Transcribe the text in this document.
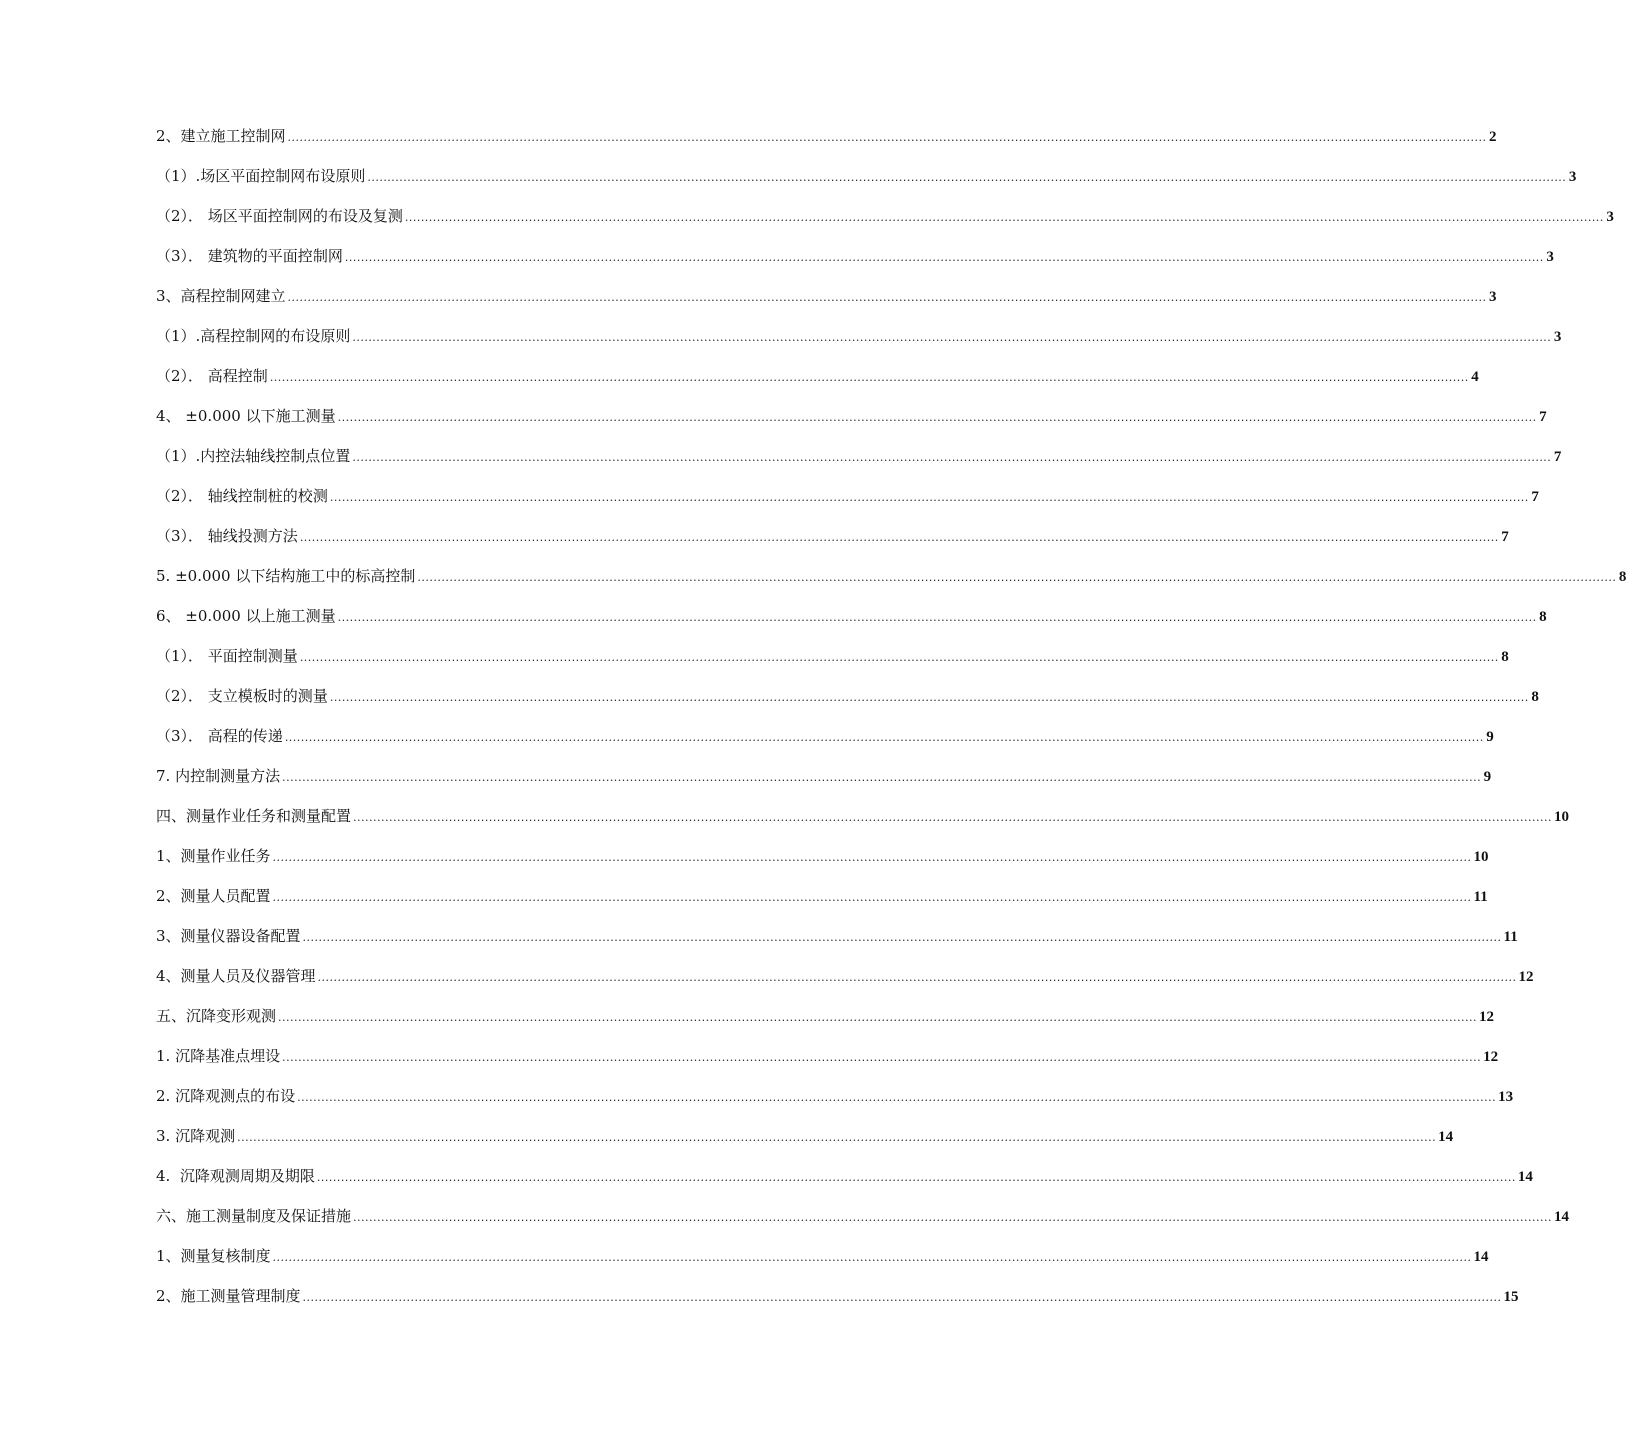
2、建立施工控制网 ............................................................................................................................................................................................................................................................................................................ 2
（1）.场区平面控制网布设原则 ............................................................................................................................................................................................................................................................................................................ 3
（2）． 场区平面控制网的布设及复测 ............................................................................................................................................................................................................................................................................................................ 3
（3）． 建筑物的平面控制网 ............................................................................................................................................................................................................................................................................................................ 3
3、高程控制网建立 ............................................................................................................................................................................................................................................................................................................ 3
（1）.高程控制网的布设原则 ............................................................................................................................................................................................................................................................................................................ 3
（2）． 高程控制 ............................................................................................................................................................................................................................................................................................................ 4
4、 ±0.000 以下施工测量 ............................................................................................................................................................................................................................................................................................................ 7
（1）.内控法轴线控制点位置 ............................................................................................................................................................................................................................................................................................................ 7
（2）． 轴线控制桩的校测 ............................................................................................................................................................................................................................................................................................................ 7
（3）． 轴线投测方法 ............................................................................................................................................................................................................................................................................................................ 7
5. ±0.000 以下结构施工中的标高控制 ............................................................................................................................................................................................................................................................................................................ 8
6、 ±0.000 以上施工测量 ............................................................................................................................................................................................................................................................................................................ 8
（1）． 平面控制测量 ............................................................................................................................................................................................................................................................................................................ 8
（2）． 支立模板时的测量 ............................................................................................................................................................................................................................................................................................................ 8
（3）． 高程的传递 ............................................................................................................................................................................................................................................................................................................ 9
7. 内控制测量方法 ............................................................................................................................................................................................................................................................................................................ 9
四、测量作业任务和测量配置 ............................................................................................................................................................................................................................................................................................................ 10
1、测量作业任务 ............................................................................................................................................................................................................................................................................................................ 10
2、测量人员配置 ............................................................................................................................................................................................................................................................................................................ 11
3、测量仪器设备配置 ............................................................................................................................................................................................................................................................................................................ 11
4、测量人员及仪器管理 ............................................................................................................................................................................................................................................................................................................ 12
五、沉降变形观测 ............................................................................................................................................................................................................................................................................................................ 12
1. 沉降基准点埋设 ............................................................................................................................................................................................................................................................................................................ 12
2. 沉降观测点的布设 ............................................................................................................................................................................................................................................................................................................ 13
3. 沉降观测 ............................................................................................................................................................................................................................................................................................................ 14
4.  沉降观测周期及期限 ............................................................................................................................................................................................................................................................................................................ 14
六、施工测量制度及保证措施 ............................................................................................................................................................................................................................................................................................................ 14
1、测量复核制度 ............................................................................................................................................................................................................................................................................................................ 14
2、施工测量管理制度 ............................................................................................................................................................................................................................................................................................................ 15
